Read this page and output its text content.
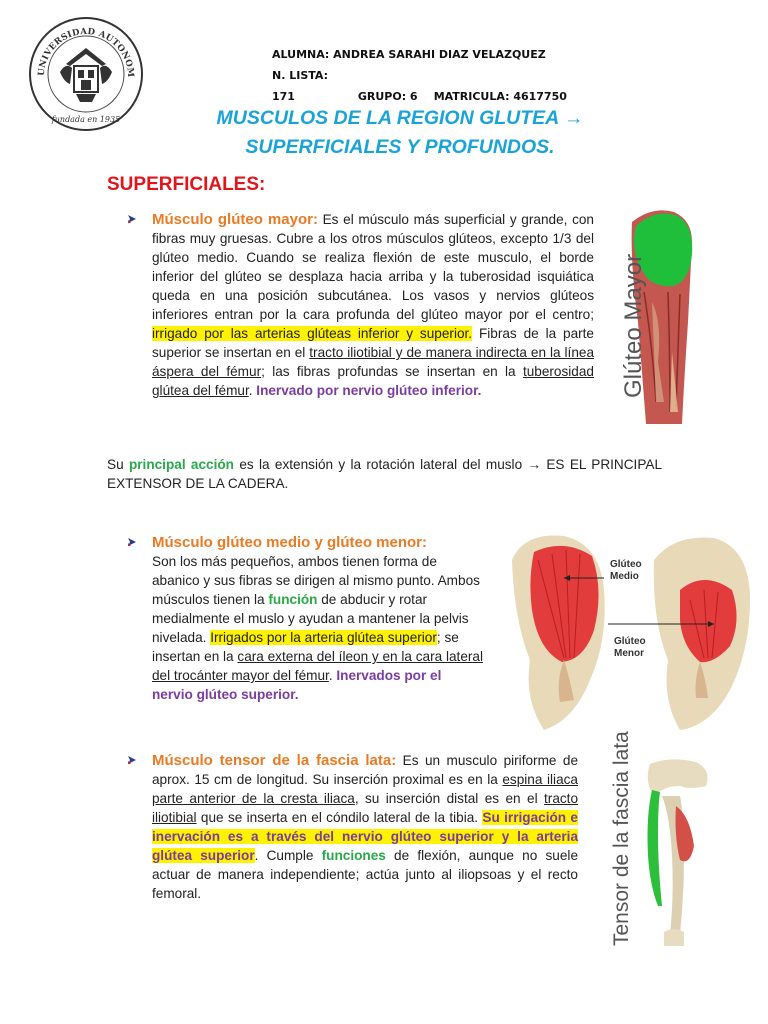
UNIVERSIDAD AUTONOM
fundada en 1935
ALUMNA: ANDREA SARAHI DIAZ VELAZQUEZ
N. LISTA: 171	GRUPO: 6 MATRICULA: 4617750
MUSCULOS DE LA REGION GLUTEA →
SUPERFICIALES Y PROFUNDOS.
SUPERFICIALES:
Músculo glúteo mayor: Es el músculo más superficial y grande, con fibras muy gruesas. Cubre a los otros músculos glúteos, excepto 1/3 del glúteo medio. Cuando se realiza flexión de este musculo, el borde inferior del glúteo se desplaza hacia arriba y la tuberosidad isquiática queda en una posición subcutánea. Los vasos y nervios glúteos inferiores entran por la cara profunda del glúteo mayor por el centro; irrigado por las arterias glúteas inferior y superior. Fibras de la parte superior se insertan en el tracto iliotibial y de manera indirecta en la línea áspera del fémur; las fibras profundas se insertan en la tuberosidad glútea del fémur. Inervado por nervio glúteo inferior.	Glúteo Mayor
Su principal acción es la extensión y la rotación lateral del muslo → ES EL PRINCIPAL EXTENSOR DE LA CADERA.
Músculo glúteo medio y glúteo menor:
Son los más pequeños, ambos tienen forma de abanico y sus fibras se dirigen al mismo punto. Ambos músculos tienen la función de abducir y rotar medialmente el muslo y ayudan a mantener la pelvis nivelada. Irrigados por la arteria glútea superior; se insertan en la cara externa del íleon y en la cara lateral del trocánter mayor del fémur. Inervados por el nervio glúteo superior.
Glúteo
Medio
Glúteo
Menor
Músculo tensor de la fascia lata: Es un musculo piriforme de aprox. 15 cm de longitud. Su inserción proximal es en la espina iliaca parte anterior de la cresta iliaca, su inserción distal es en el tracto iliotibial que se inserta en el cóndilo lateral de la tibia. Su irrigación e inervación es a través del nervio glúteo superior y la arteria glútea superior. Cumple funciones de flexión, aunque no suele actuar de manera independiente; actúa junto al iliopsoas y el recto femoral.	Tensor de la fascia lata
